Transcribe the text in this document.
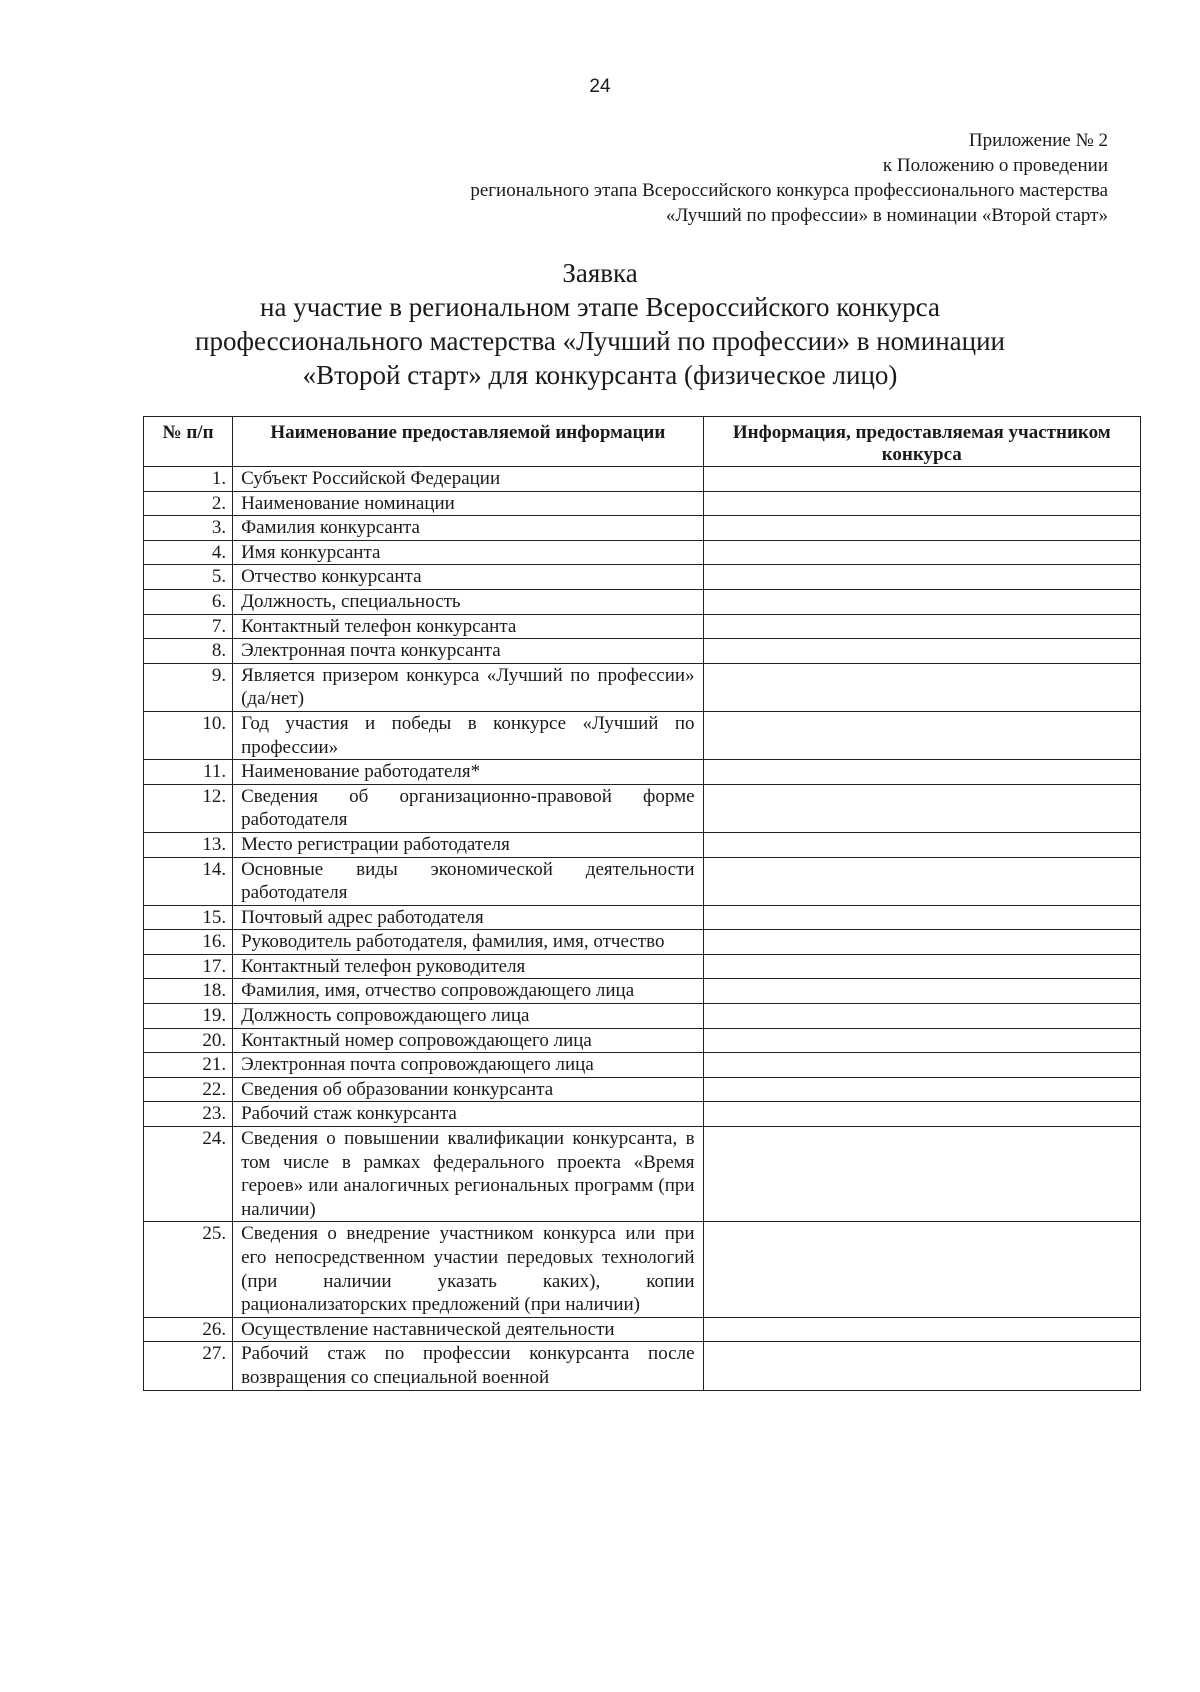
24
Приложение № 2
к Положению о проведении
регионального этапа Всероссийского конкурса профессионального мастерства
«Лучший по профессии» в номинации «Второй старт»
Заявка
на участие в региональном этапе Всероссийского конкурса
профессионального мастерства «Лучший по профессии» в номинации
«Второй старт» для конкурсанта (физическое лицо)
№ п/п	Наименование предоставляемой информации	Информация, предоставляемая участником конкурса
1.	Субъект Российской Федерации	
2.	Наименование номинации	
3.	Фамилия конкурсанта	
4.	Имя конкурсанта	
5.	Отчество конкурсанта	
6.	Должность, специальность	
7.	Контактный телефон конкурсанта	
8.	Электронная почта конкурсанта	
9.	Является призером конкурса «Лучший по профессии» (да/нет)	
10.	Год участия и победы в конкурсе «Лучший по профессии»	
11.	Наименование работодателя*	
12.	Сведения об организационно-правовой форме работодателя	
13.	Место регистрации работодателя	
14.	Основные виды экономической деятельности работодателя	
15.	Почтовый адрес работодателя	
16.	Руководитель работодателя, фамилия, имя, отчество	
17.	Контактный телефон руководителя	
18.	Фамилия, имя, отчество сопровождающего лица	
19.	Должность сопровождающего лица	
20.	Контактный номер сопровождающего лица	
21.	Электронная почта сопровождающего лица	
22.	Сведения об образовании конкурсанта	
23.	Рабочий стаж конкурсанта	
24.	Сведения о повышении квалификации конкурсанта, в том числе в рамках федерального проекта «Время героев» или аналогичных региональных программ (при наличии)	
25.	Сведения о внедрение участником конкурса или при его непосредственном участии передовых технологий (при наличии указать каких), копии рационализаторских предложений (при наличии)	
26.	Осуществление наставнической деятельности	
27.	Рабочий стаж по профессии конкурсанта после возвращения со специальной военной	
